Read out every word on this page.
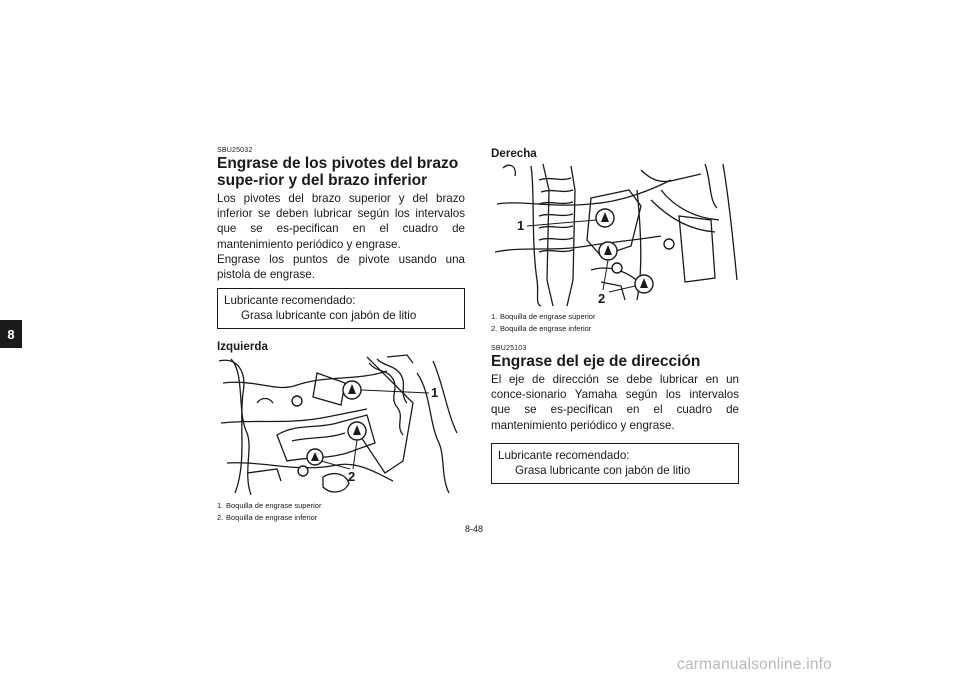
8
SBU25032
Engrase de los pivotes del brazo supe-rior y del brazo inferior

Los pivotes del brazo superior y del brazo inferior se deben lubricar según los intervalos que se es-pecifican en el cuadro de mantenimiento periódico y engrase.

Engrase los puntos de pivote usando una pistola de engrase.

Lubricante recomendado:
Grasa lubricante con jabón de litio
Izquierda
1
2
1. Boquilla de engrase superior
2. Boquilla de engrase inferior
Derecha
1
2
1. Boquilla de engrase superior
2. Boquilla de engrase inferior
SBU25103
Engrase del eje de dirección

El eje de dirección se debe lubricar en un conce-sionario Yamaha según los intervalos que se es-pecifican en el cuadro de mantenimiento periódico y engrase.

Lubricante recomendado:
Grasa lubricante con jabón de litio
8-48
carmanualsonline.info
